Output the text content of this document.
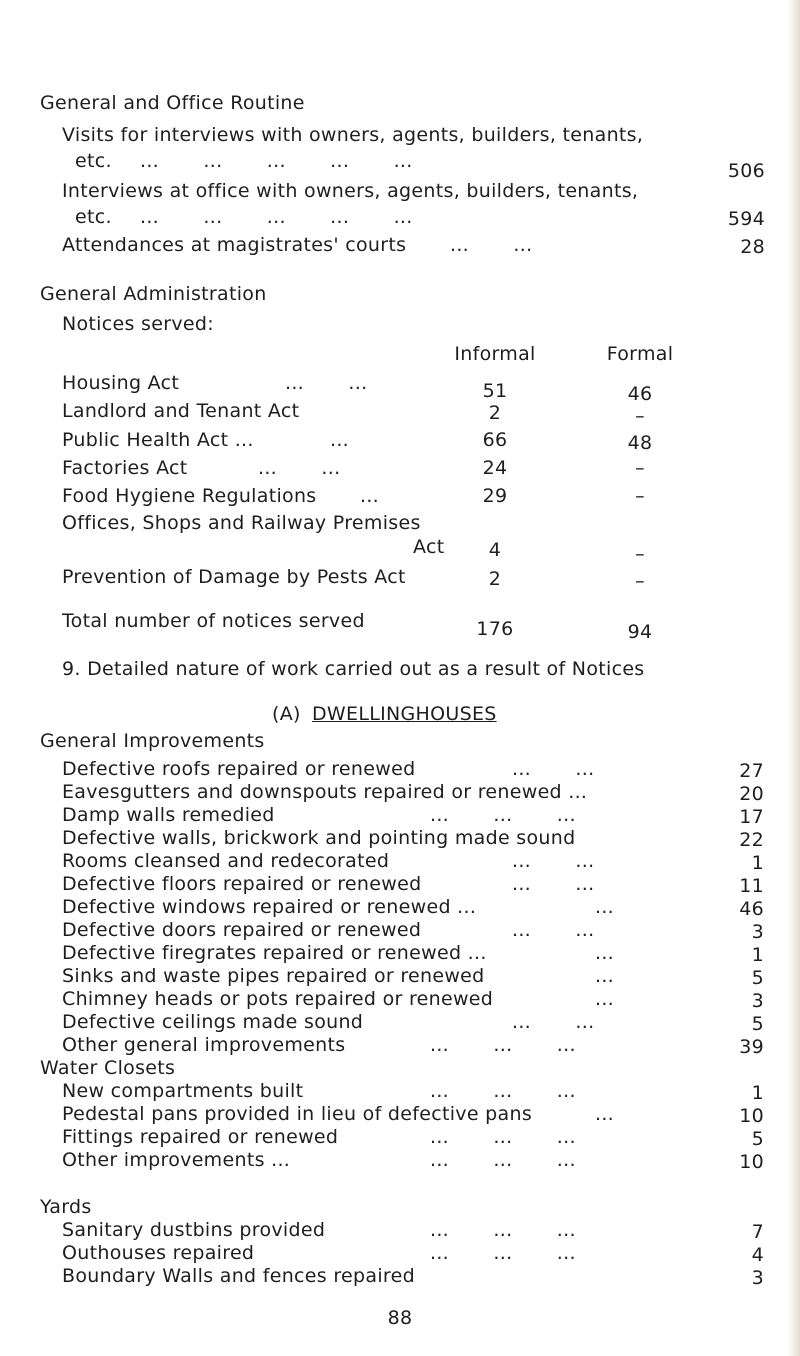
General and Office Routine
Visits for interviews with owners, agents, builders, tenants,
etc. ...       ...       ...       ...       ...	506
Interviews at office with owners, agents, builders, tenants,
etc. ...       ...       ...       ...       ...	594
Attendances at magistrates' courts ...       ...	28
General Administration
Notices served:
Informal	Formal
Housing Act	...       ...	51	46
Landlord and Tenant Act	2	–
Public Health Act ...	...	66	48
Factories Act	...       ...	24	–
Food Hygiene Regulations ...	29	–
Offices, Shops and Railway Premises
Act	4	–
Prevention of Damage by Pests Act	2	–
Total number of notices served	176	94
9. Detailed nature of work carried out as a result of Notices
(A) DWELLINGHOUSES
General Improvements
Defective roofs repaired or renewed	...       ...	27
Eavesgutters and downspouts repaired or renewed ...	20
Damp walls remedied	...       ...       ...	17
Defective walls, brickwork and pointing made sound	22
Rooms cleansed and redecorated	...       ...	1
Defective floors repaired or renewed	...       ...	11
Defective windows repaired or renewed ...	...	46
Defective doors repaired or renewed	...       ...	3
Defective firegrates repaired or renewed ...	...	1
Sinks and waste pipes repaired or renewed	...	5
Chimney heads or pots repaired or renewed	...	3
Defective ceilings made sound	...       ...	5
Other general improvements	...       ...       ...	39
Water Closets
New compartments built	...       ...       ...	1
Pedestal pans provided in lieu of defective pans	...	10
Fittings repaired or renewed	...       ...       ...	5
Other improvements ...	...       ...       ...	10
Yards
Sanitary dustbins provided	...       ...       ...	7
Outhouses repaired	...       ...       ...	4
Boundary Walls and fences repaired	3
88
